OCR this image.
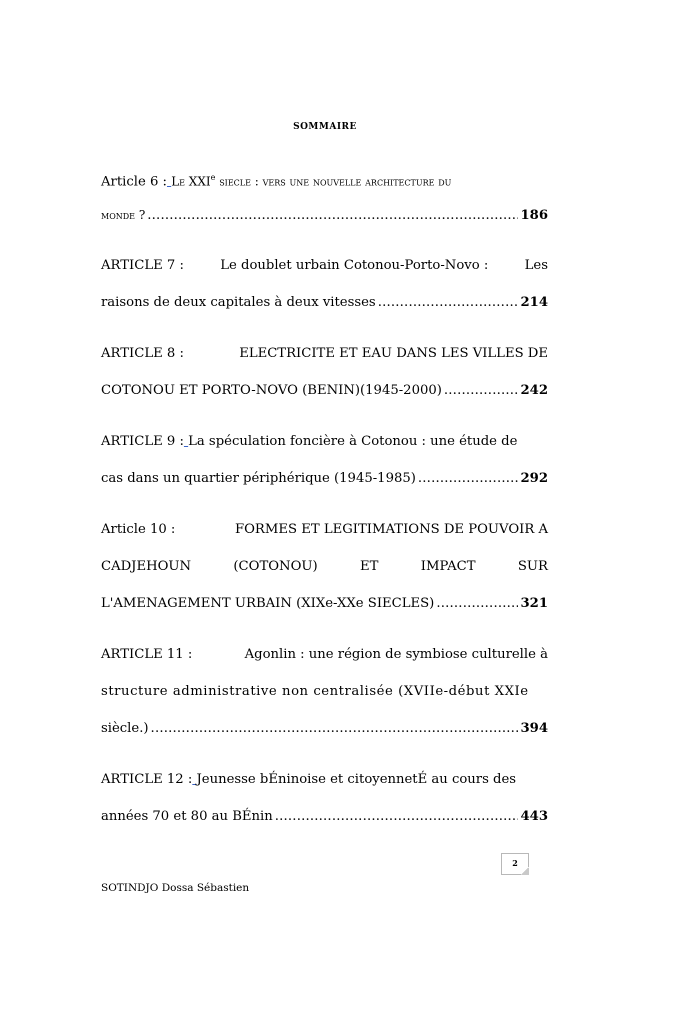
SOMMAIRE
Article 6 : Le XXIe siecle : vers une nouvelle architecture du
monde ? .....	186
ARTICLE 7 :	Le doublet urbain Cotonou-Porto-Novo :	Les
raisons de deux capitales à deux vitesses .....	214
ARTICLE 8 :	ELECTRICITE ET EAU DANS LES VILLES DE
COTONOU ET PORTO-NOVO (BENIN)(1945-2000) .....	242
ARTICLE 9 : La spéculation foncière à Cotonou : une étude de
cas dans un quartier périphérique (1945-1985) .....	292
Article 10 :	FORMES ET LEGITIMATIONS DE POUVOIR A
CADJEHOUN	(COTONOU)	ET	IMPACT	SUR
L'AMENAGEMENT URBAIN (XIXe-XXe SIECLES) .....	321
ARTICLE 11 :	Agonlin : une région de symbiose culturelle à
structure administrative non centralisée (XVIIe-début XXIe
siècle.) .....	394
ARTICLE 12 : Jeunesse bÉninoise et citoyennetÉ au cours des
années 70 et 80 au BÉnin .....	443
2
SOTINDJO Dossa Sébastien
